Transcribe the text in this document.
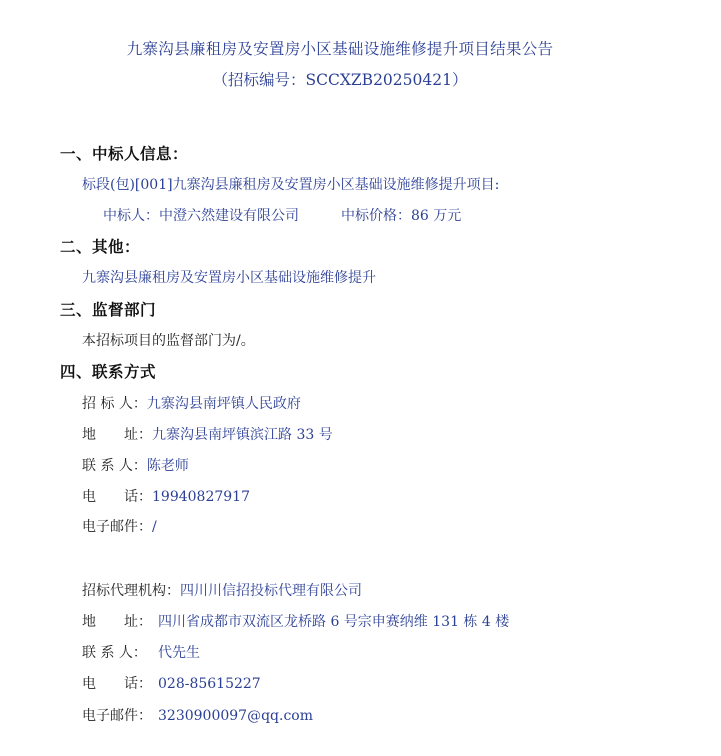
九寨沟县廉租房及安置房小区基础设施维修提升项目结果公告
（招标编号：SCCXZB20250421）
一、中标人信息：
标段(包)[001]九寨沟县廉租房及安置房小区基础设施维修提升项目:
中标人：中澄六然建设有限公司	中标价格：86 万元
二、其他：
九寨沟县廉租房及安置房小区基础设施维修提升
三、监督部门
本招标项目的监督部门为/。
四、联系方式
招 标 人：九寨沟县南坪镇人民政府
地　　址：九寨沟县南坪镇滨江路 33 号
联 系 人：陈老师
电　　话：19940827917
电子邮件：/
招标代理机构：四川川信招投标代理有限公司
地　　址： 四川省成都市双流区龙桥路 6 号宗申赛纳维 131 栋 4 楼
联 系 人： 代先生
电　　话： 028-85615227
电子邮件： 3230900097@qq.com
